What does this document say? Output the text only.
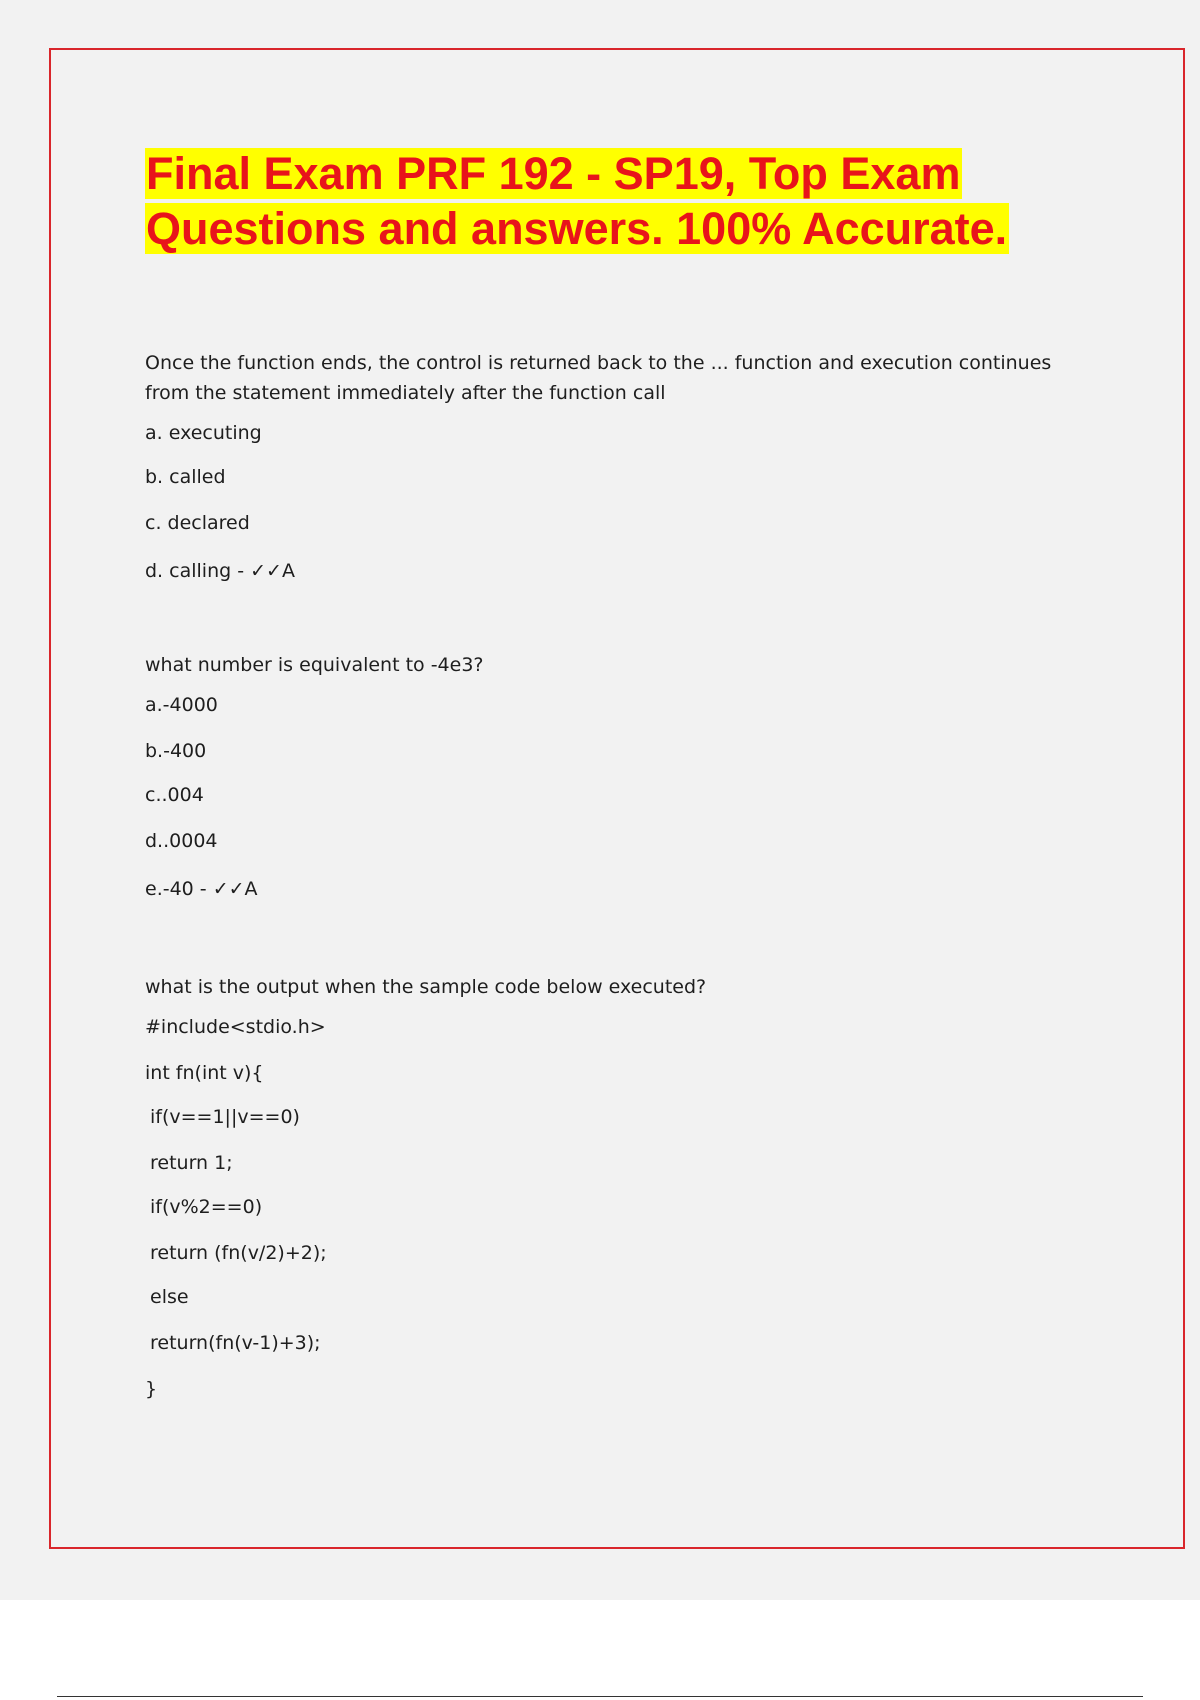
Final Exam PRF 192 - SP19, Top Exam
Questions and answers. 100% Accurate.

Once the function ends, the control is returned back to the ... function and execution continues from the statement immediately after the function call

a. executing
b. called
c. declared
d. calling - ✓✓A

what number is equivalent to -4e3?

a.-4000
b.-400
c..004
d..0004
e.-40 - ✓✓A

what is the output when the sample code below executed?

#include<stdio.h>
int fn(int v){
if(v==1||v==0)
return 1;
if(v%2==0)
return (fn(v/2)+2);
else
return(fn(v-1)+3);
}
